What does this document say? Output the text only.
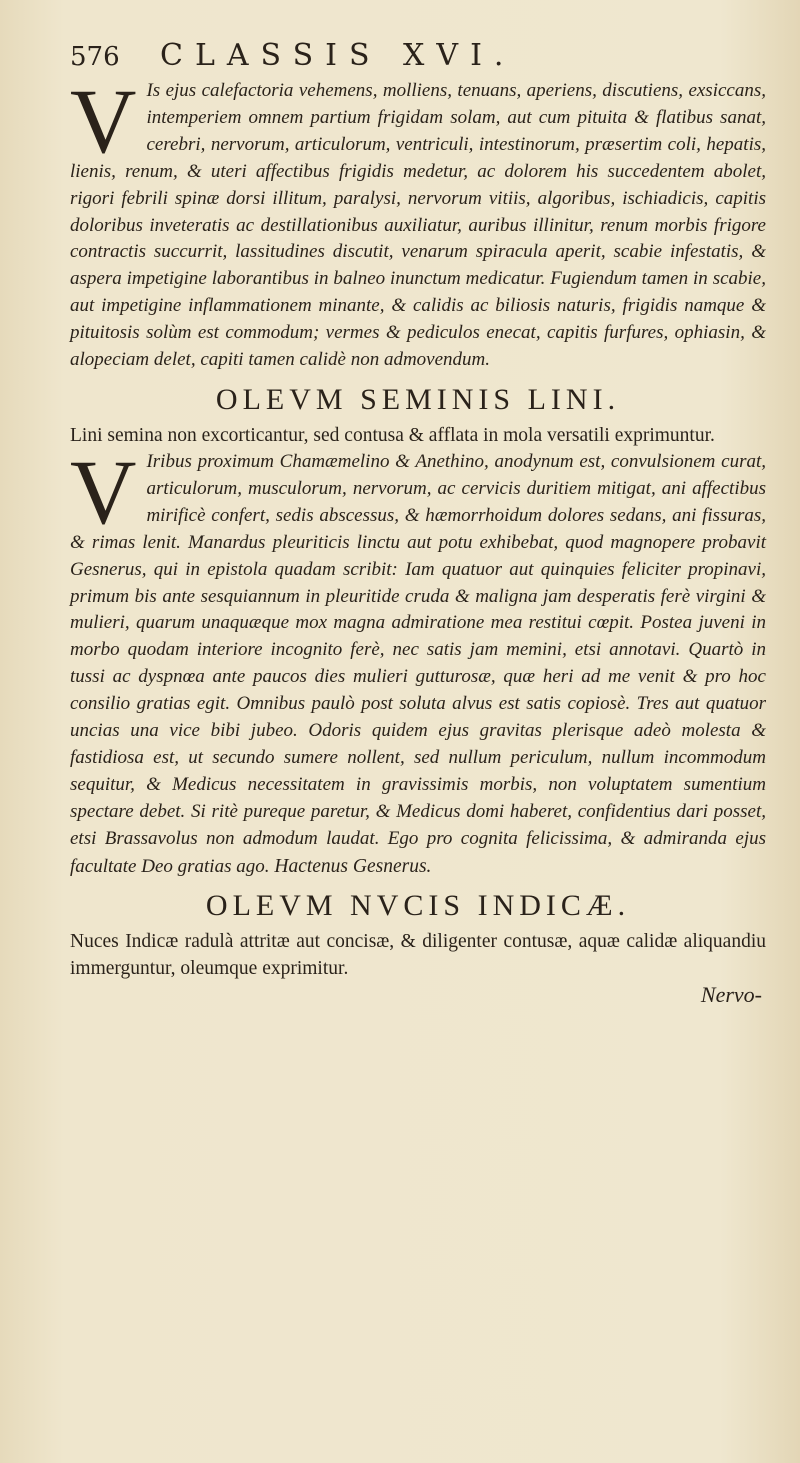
576	CLASSIS XVI.
V Is ejus calefactoria vehemens, molliens, tenuans, aperiens, discutiens, exsiccans, intemperiem omnem partium frigidam solam, aut cum pituita & flatibus sanat, cerebri, nervorum, articulorum, ventriculi, intestinorum, præsertim coli, hepatis, lienis, renum, & uteri affectibus frigidis medetur, ac dolorem his succedentem abolet, rigori febrili spinæ dorsi illitum, paralysi, nervorum vitiis, algoribus, ischiadicis, capitis doloribus inveteratis ac destillationibus auxiliatur, auribus illinitur, renum morbis frigore contractis succurrit, lassitudines discutit, venarum spiracula aperit, scabie infestatis, & aspera impetigine laborantibus in balneo inunctum medicatur. Fugiendum tamen in scabie, aut impetigine inflammationem minante, & calidis ac biliosis naturis, frigidis namque & pituitosis solùm est commodum; vermes & pediculos enecat, capitis furfures, ophiasin, & alopeciam delet, capiti tamen calidè non admovendum.

OLEVM SEMINIS LINI.

Lini semina non excorticantur, sed contusa & afflata in mola versatili exprimuntur.

V Iribus proximum Chamæmelino & Anethino, anodynum est, convulsionem curat, articulorum, musculorum, nervorum, ac cervicis duritiem mitigat, ani affectibus mirificè confert, sedis abscessus, & hæmorrhoidum dolores sedans, ani fissuras, & rimas lenit. Manardus pleuriticis linctu aut potu exhibebat, quod magnopere probavit Gesnerus, qui in epistola quadam scribit: Iam quatuor aut quinquies feliciter propinavi, primum bis ante sesquiannum in pleuritide cruda & maligna jam desperatis ferè virgini & mulieri, quarum unaquæque mox magna admiratione mea restitui cœpit. Postea juveni in morbo quodam interiore incognito ferè, nec satis jam memini, etsi annotavi. Quartò in tussi ac dyspnœa ante paucos dies mulieri gutturosæ, quæ heri ad me venit & pro hoc consilio gratias egit. Omnibus paulò post soluta alvus est satis copiosè. Tres aut quatuor uncias una vice bibi jubeo. Odoris quidem ejus gravitas plerisque adeò molesta & fastidiosa est, ut secundo sumere nollent, sed nullum periculum, nullum incommodum sequitur, & Medicus necessitatem in gravissimis morbis, non voluptatem sumentium spectare debet. Si ritè pureque paretur, & Medicus domi haberet, confidentius dari posset, etsi Brassavolus non admodum laudat. Ego pro cognita felicissima, & admiranda ejus facultate Deo gratias ago. Hactenus Gesnerus.

OLEVM NVCIS INDICÆ.

Nuces Indicæ radulà attritæ aut concisæ, & diligenter contusæ, aquæ calidæ aliquandiu immerguntur, oleumque exprimitur.

Nervo-
